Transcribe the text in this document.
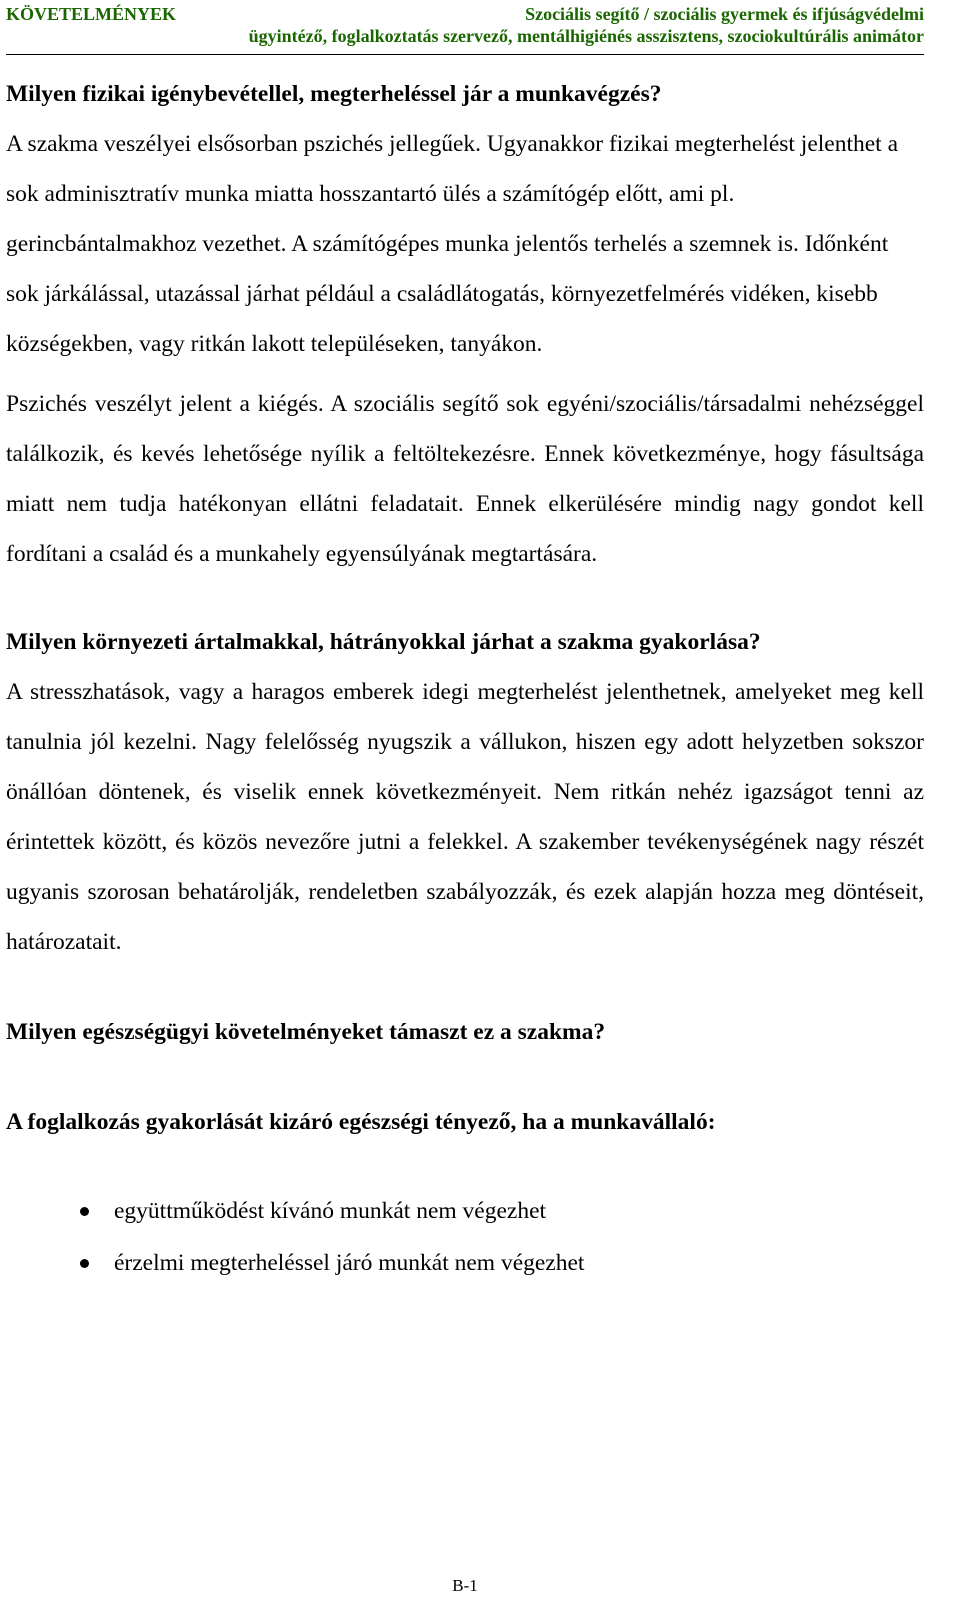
KÖVETELMÉNYEK	Szociális segítő / szociális gyermek és ifjúságvédelmi
ügyintéző, foglalkoztatás szervező, mentálhigiénés asszisztens, szociokultúrális animátor

Milyen fizikai igénybevétellel, megterheléssel jár a munkavégzés?

A szakma veszélyei elsősorban pszichés jellegűek. Ugyanakkor fizikai megterhelést jelenthet a sok adminisztratív munka miatta hosszantartó ülés a számítógép előtt, ami pl. gerincbántalmakhoz vezethet. A számítógépes munka jelentős terhelés a szemnek is. Időnként sok járkálással, utazással járhat például a családlátogatás, környezetfelmérés vidéken, kisebb községekben, vagy ritkán lakott településeken, tanyákon.

Pszichés veszélyt jelent a kiégés. A szociális segítő sok egyéni/szociális/társadalmi nehézséggel találkozik, és kevés lehetősége nyílik a feltöltekezésre. Ennek következménye, hogy fásultsága miatt nem tudja hatékonyan ellátni feladatait. Ennek elkerülésére mindig nagy gondot kell fordítani a család és a munkahely egyensúlyának megtartására.

Milyen környezeti ártalmakkal, hátrányokkal járhat a szakma gyakorlása?

A stresszhatások, vagy a haragos emberek idegi megterhelést jelenthetnek, amelyeket meg kell tanulnia jól kezelni. Nagy felelősség nyugszik a vállukon, hiszen egy adott helyzetben sokszor önállóan döntenek, és viselik ennek következményeit. Nem ritkán nehéz igazságot tenni az érintettek között, és közös nevezőre jutni a felekkel. A szakember tevékenységének nagy részét ugyanis szorosan behatárolják, rendeletben szabályozzák, és ezek alapján hozza meg döntéseit, határozatait.

Milyen egészségügyi követelményeket támaszt ez a szakma?

A foglalkozás gyakorlását kizáró egészségi tényező, ha a munkavállaló:

együttműködést kívánó munkát nem végezhet
érzelmi megterheléssel járó munkát nem végezhet
B-1
